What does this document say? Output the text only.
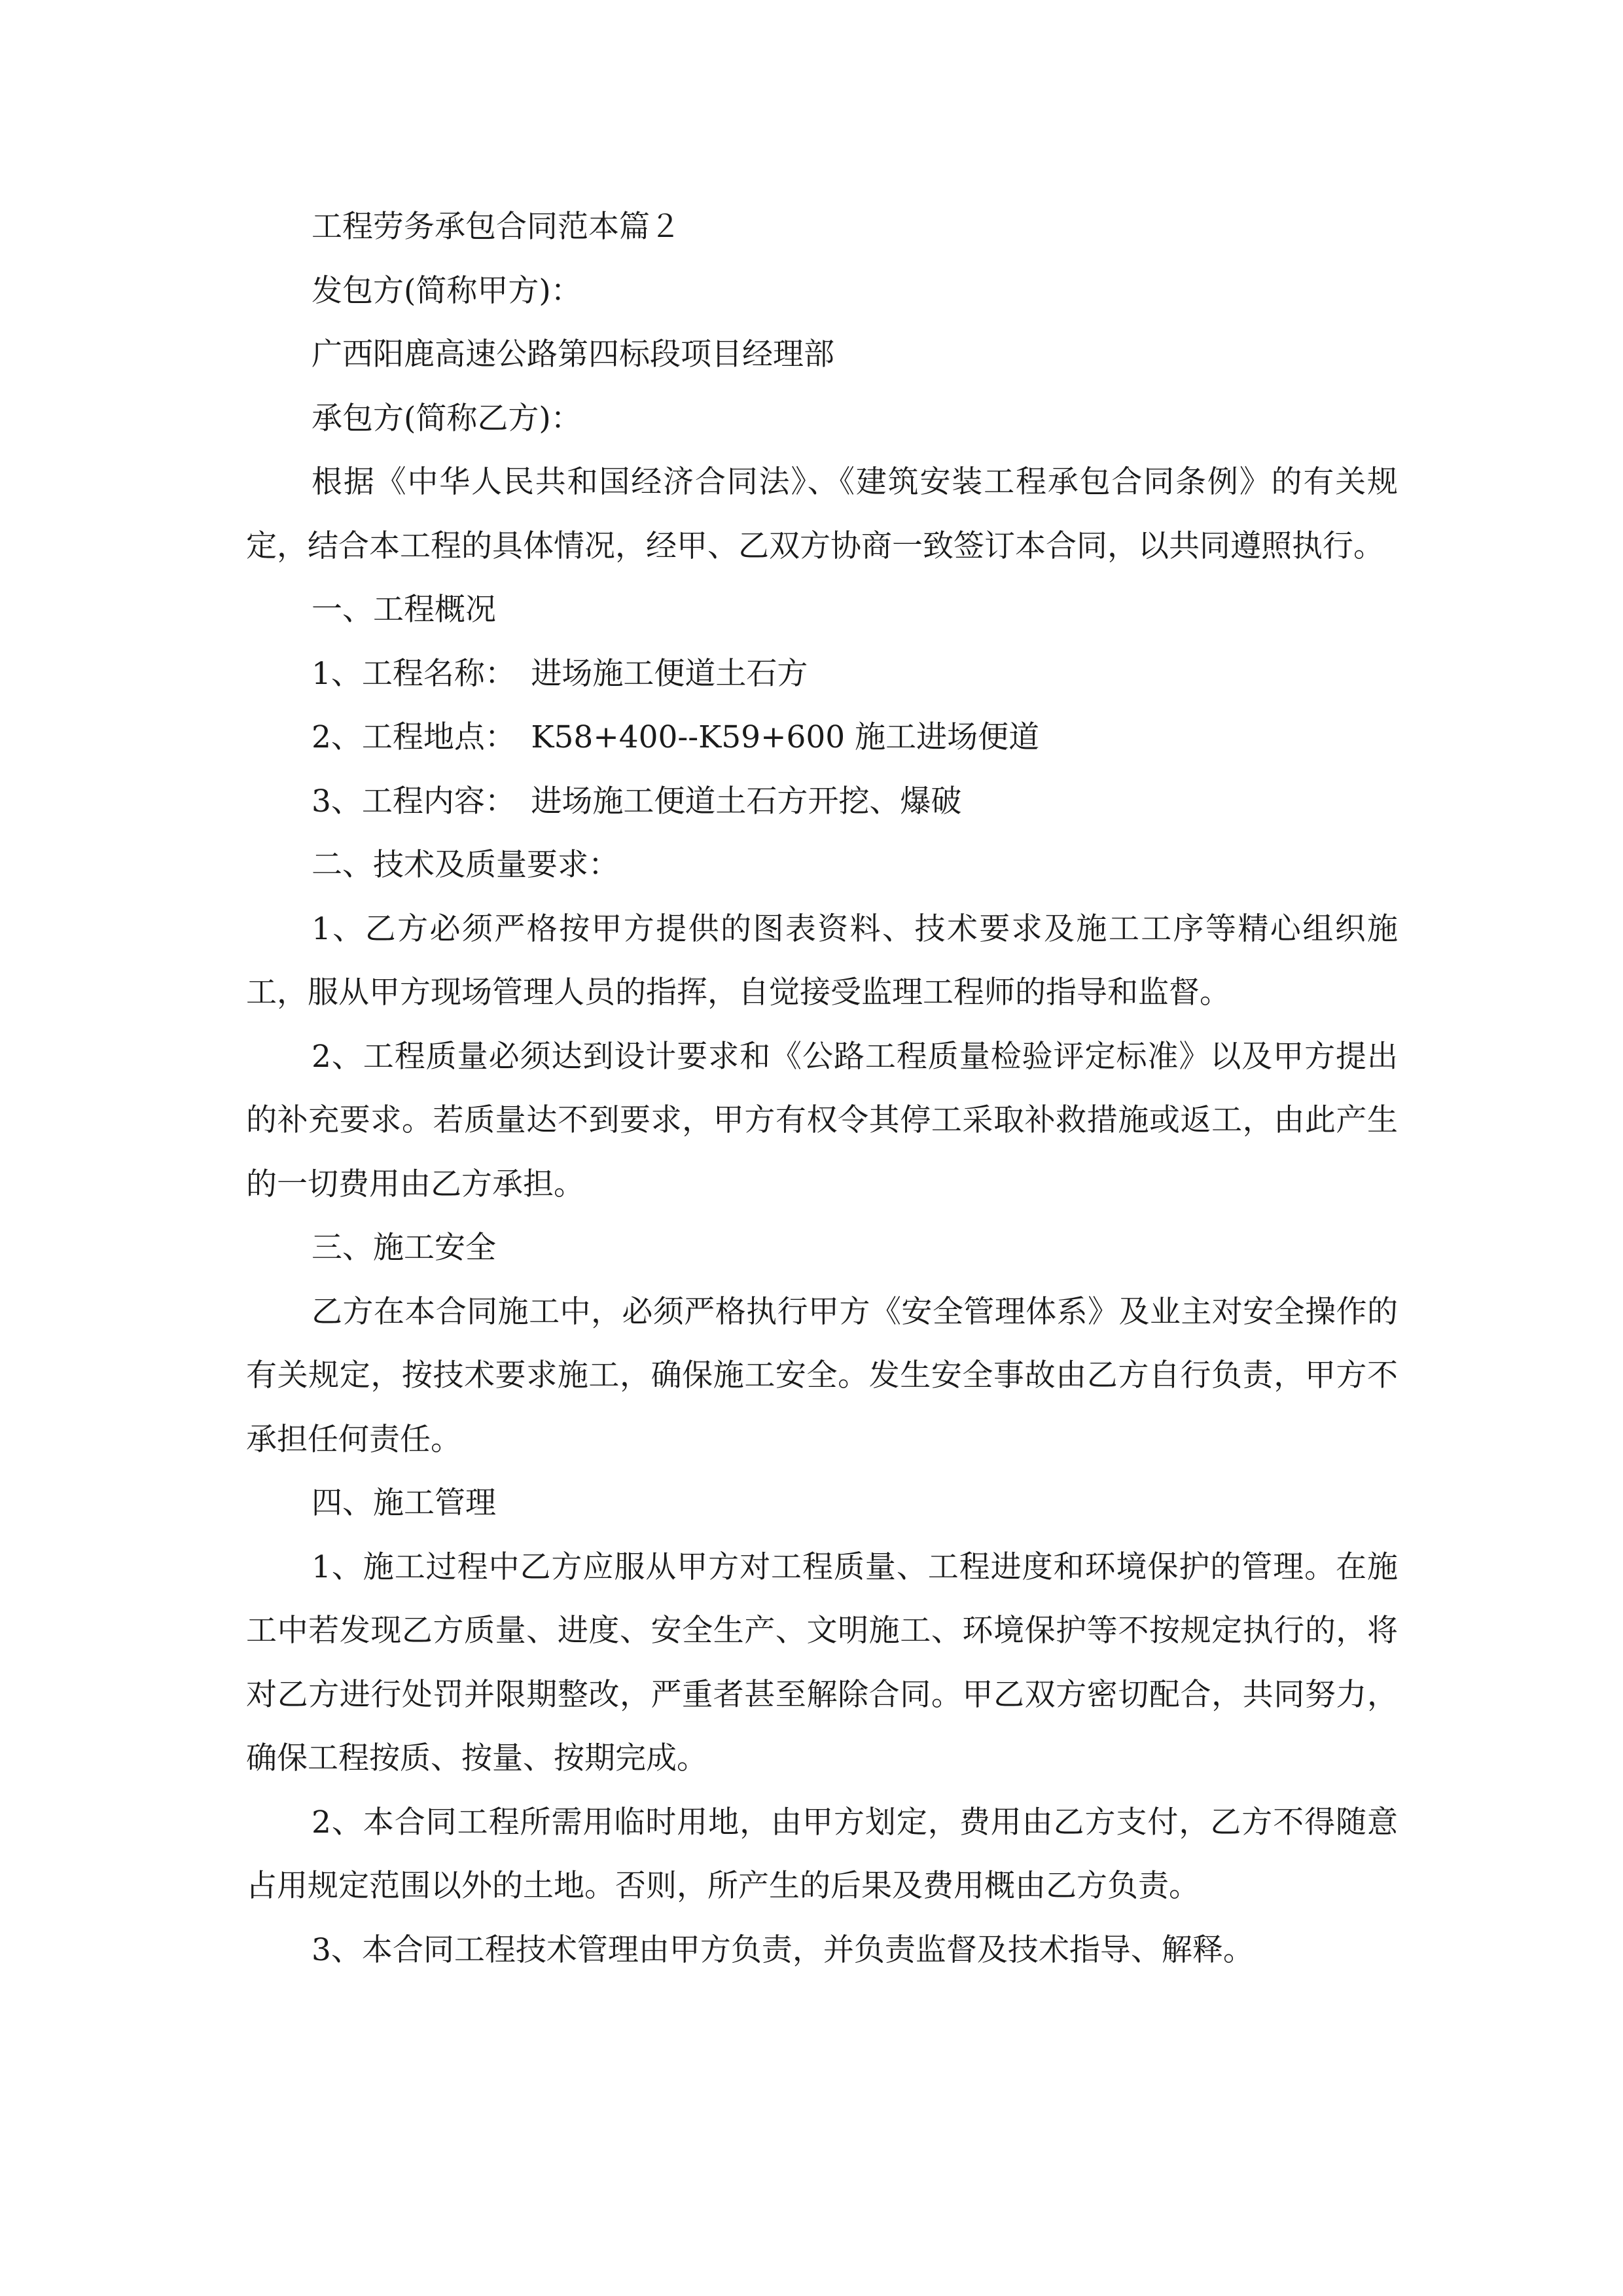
工程劳务承包合同范本篇２

发包方(简称甲方)：

广西阳鹿高速公路第四标段项目经理部

承包方(简称乙方)：

根据《中华人民共和国经济合同法》、《建筑安装工程承包合同条例》的有关规定，结合本工程的具体情况，经甲、乙双方协商一致签订本合同，以共同遵照执行。

一、工程概况

1、工程名称：　进场施工便道土石方

2、工程地点：　K58+400--K59+600 施工进场便道

3、工程内容：　进场施工便道土石方开挖、爆破

二、技术及质量要求：

1、乙方必须严格按甲方提供的图表资料、技术要求及施工工序等精心组织施工，服从甲方现场管理人员的指挥，自觉接受监理工程师的指导和监督。

2、工程质量必须达到设计要求和《公路工程质量检验评定标准》以及甲方提出的补充要求。若质量达不到要求，甲方有权令其停工采取补救措施或返工，由此产生的一切费用由乙方承担。

三、施工安全

乙方在本合同施工中，必须严格执行甲方《安全管理体系》及业主对安全操作的有关规定，按技术要求施工，确保施工安全。发生安全事故由乙方自行负责，甲方不承担任何责任。

四、施工管理

1、施工过程中乙方应服从甲方对工程质量、工程进度和环境保护的管理。在施工中若发现乙方质量、进度、安全生产、文明施工、环境保护等不按规定执行的，将对乙方进行处罚并限期整改，严重者甚至解除合同。甲乙双方密切配合，共同努力，确保工程按质、按量、按期完成。

2、本合同工程所需用临时用地，由甲方划定，费用由乙方支付，乙方不得随意占用规定范围以外的土地。否则，所产生的后果及费用概由乙方负责。

3、本合同工程技术管理由甲方负责，并负责监督及技术指导、解释。
